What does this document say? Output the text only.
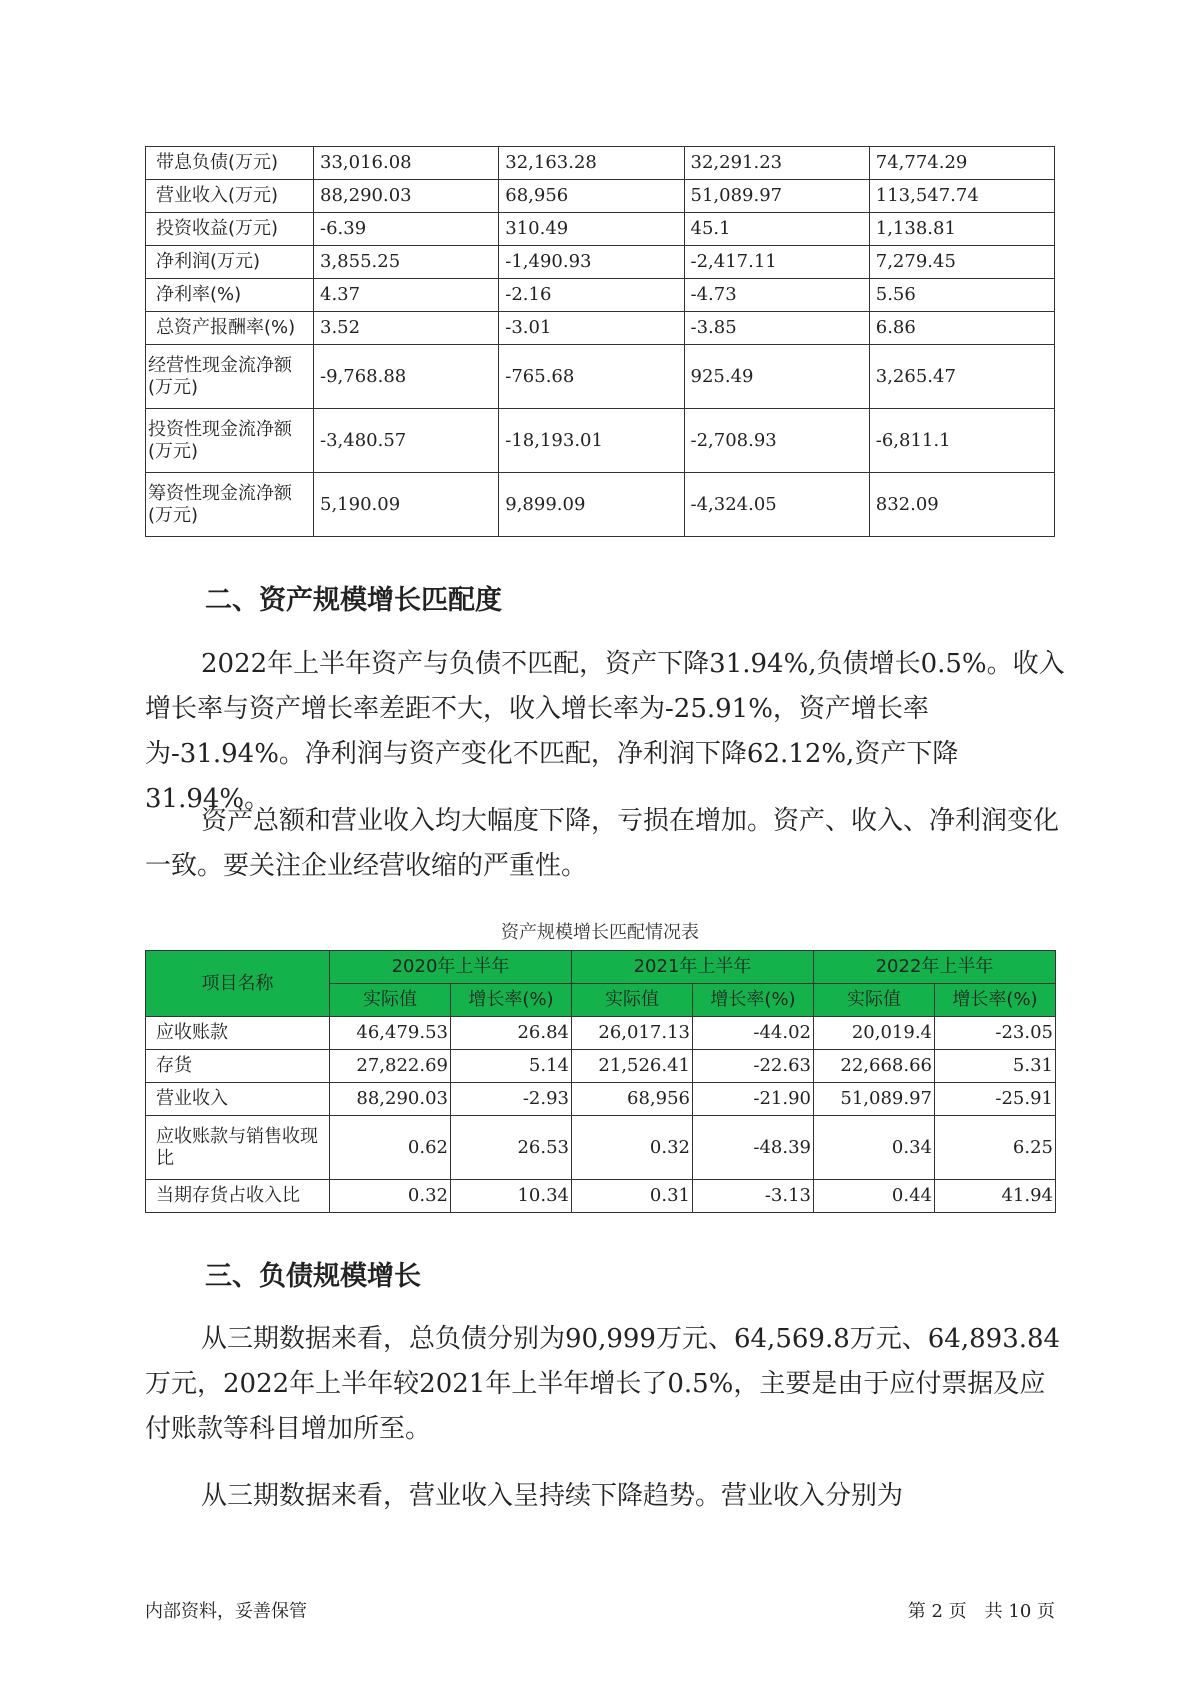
带息负债(万元)	33,016.08	32,163.28	32,291.23	74,774.29
营业收入(万元)	88,290.03	68,956	51,089.97	113,547.74
投资收益(万元)	-6.39	310.49	45.1	1,138.81
净利润(万元)	3,855.25	-1,490.93	-2,417.11	7,279.45
净利率(%)	4.37	-2.16	-4.73	5.56
总资产报酬率(%)	3.52	-3.01	-3.85	6.86
经营性现金流净额(万元)	-9,768.88	-765.68	925.49	3,265.47
投资性现金流净额(万元)	-3,480.57	-18,193.01	-2,708.93	-6,811.1
筹资性现金流净额(万元)	5,190.09	9,899.09	-4,324.05	832.09
二、资产规模增长匹配度

2022年上半年资产与负债不匹配，资产下降31.94%,负债增长0.5%。收入增长率与资产增长率差距不大，收入增长率为-25.91%，资产增长率为-31.94%。净利润与资产变化不匹配，净利润下降62.12%,资产下降31.94%。

资产总额和营业收入均大幅度下降，亏损在增加。资产、收入、净利润变化一致。要关注企业经营收缩的严重性。

资产规模增长匹配情况表
项目名称	2020年上半年		2021年上半年		2022年上半年	
	实际值	增长率(%)	实际值	增长率(%)	实际值	增长率(%)
应收账款	46,479.53	26.84	26,017.13	-44.02	20,019.4	-23.05
存货	27,822.69	5.14	21,526.41	-22.63	22,668.66	5.31
营业收入	88,290.03	-2.93	68,956	-21.90	51,089.97	-25.91
应收账款与销售收现比	0.62	26.53	0.32	-48.39	0.34	6.25
当期存货占收入比	0.32	10.34	0.31	-3.13	0.44	41.94
三、负债规模增长

从三期数据来看，总负债分别为90,999万元、64,569.8万元、64,893.84万元，2022年上半年较2021年上半年增长了0.5%，主要是由于应付票据及应付账款等科目增加所至。

从三期数据来看，营业收入呈持续下降趋势。营业收入分别为

内部资料，妥善保管	第 2 页　共 10 页
